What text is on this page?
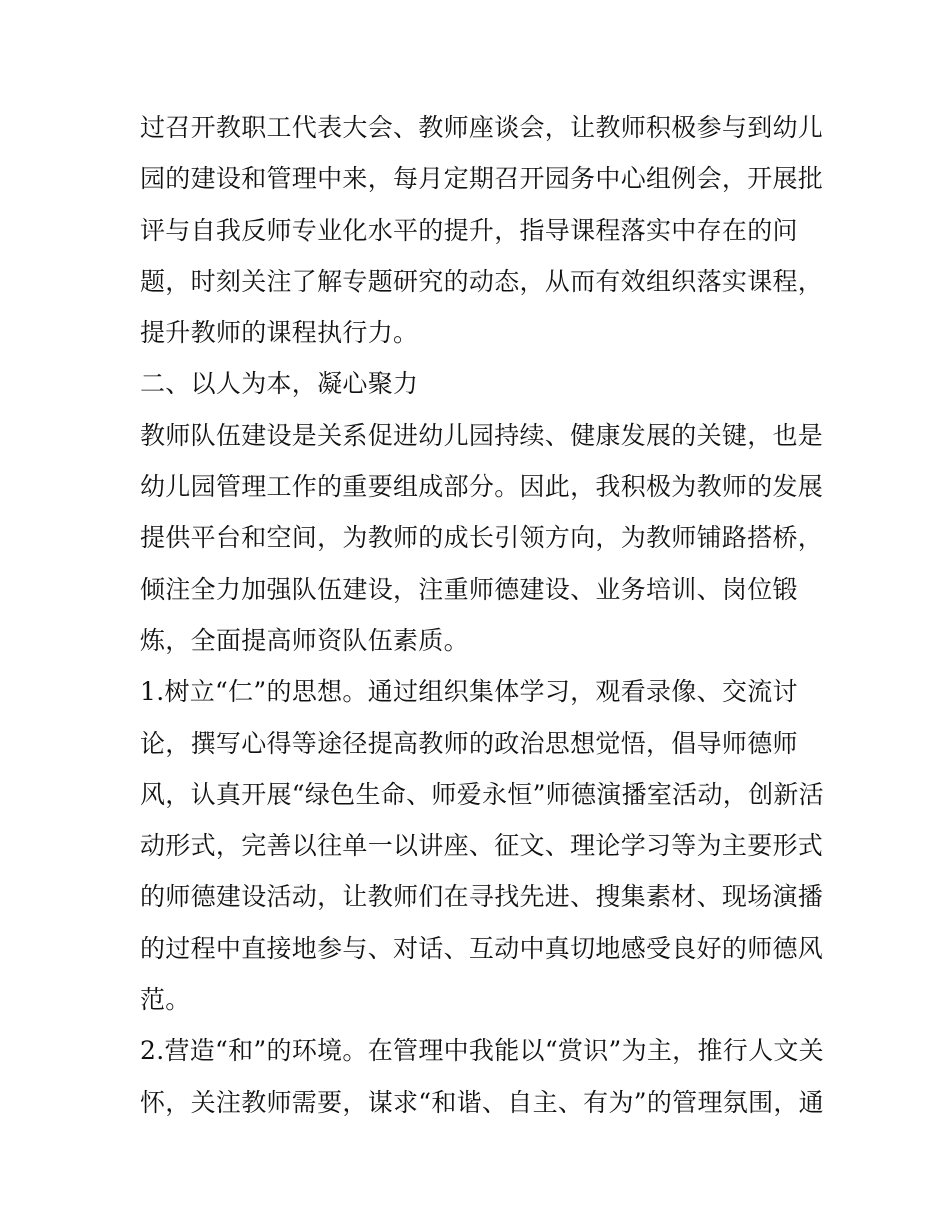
过召开教职工代表大会、教师座谈会，让教师积极参与到幼儿
园的建设和管理中来，每月定期召开园务中心组例会，开展批
评与自我反师专业化水平的提升，指导课程落实中存在的问
题，时刻关注了解专题研究的动态，从而有效组织落实课程，
提升教师的课程执行力。
二、以人为本，凝心聚力
教师队伍建设是关系促进幼儿园持续、健康发展的关键，也是
幼儿园管理工作的重要组成部分。因此，我积极为教师的发展
提供平台和空间，为教师的成长引领方向，为教师铺路搭桥，
倾注全力加强队伍建设，注重师德建设、业务培训、岗位锻
炼，全面提高师资队伍素质。
1.树立“仁”的思想。通过组织集体学习，观看录像、交流讨
论，撰写心得等途径提高教师的政治思想觉悟，倡导师德师
风，认真开展“绿色生命、师爱永恒”师德演播室活动，创新活
动形式，完善以往单一以讲座、征文、理论学习等为主要形式
的师德建设活动，让教师们在寻找先进、搜集素材、现场演播
的过程中直接地参与、对话、互动中真切地感受良好的师德风
范。
2.营造“和”的环境。在管理中我能以“赏识”为主，推行人文关
怀，关注教师需要，谋求“和谐、自主、有为”的管理氛围，通
